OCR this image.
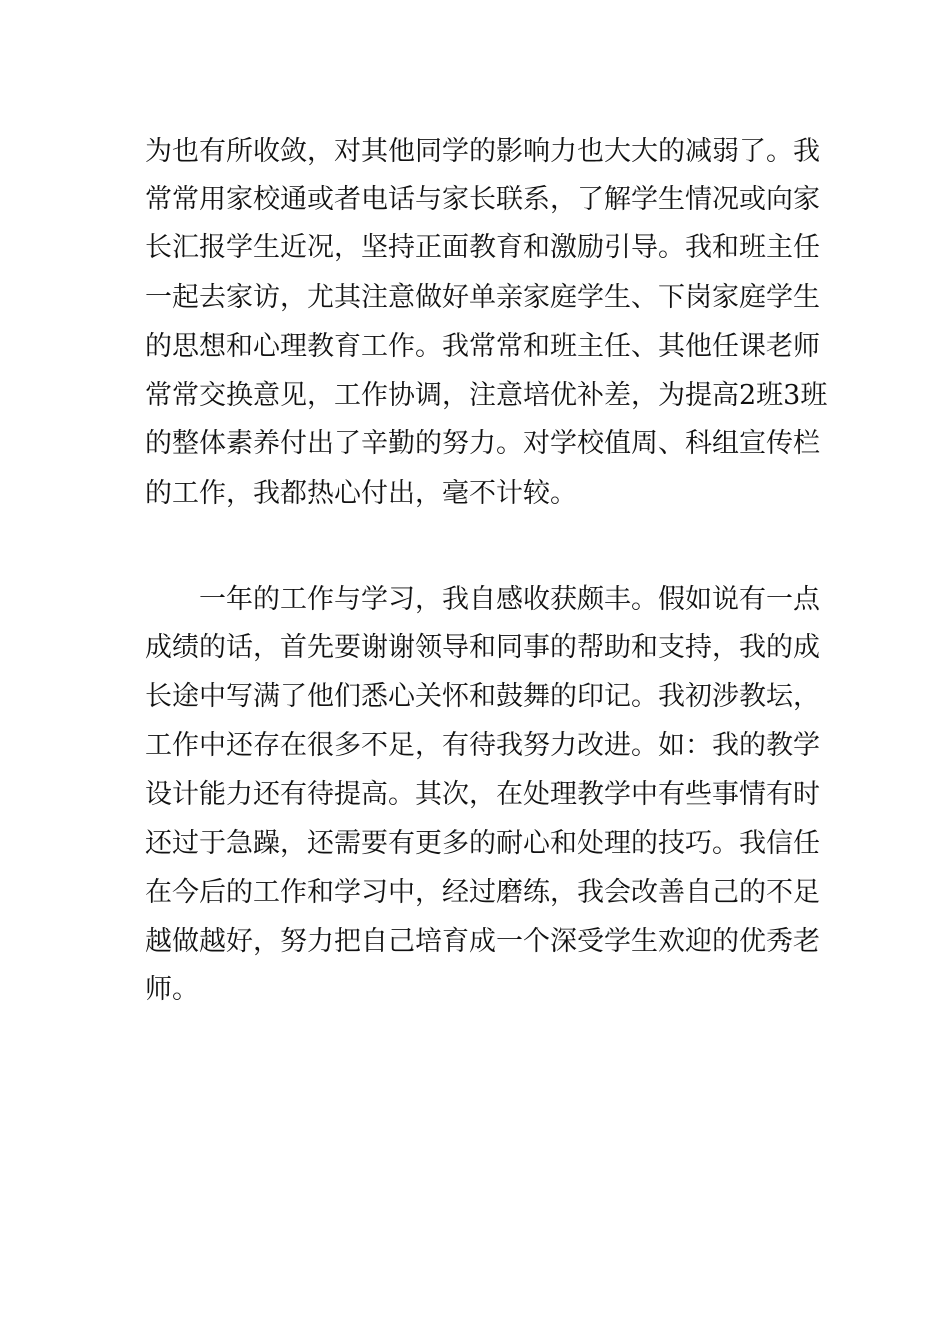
为也有所收敛，对其他同学的影响力也大大的减弱了。我
常常用家校通或者电话与家长联系，了解学生情况或向家
长汇报学生近况，坚持正面教育和激励引导。我和班主任
一起去家访，尤其注意做好单亲家庭学生、下岗家庭学生
的思想和心理教育工作。我常常和班主任、其他任课老师
常常交换意见，工作协调，注意培优补差，为提高2班3班
的整体素养付出了辛勤的努力。对学校值周、科组宣传栏
的工作，我都热心付出，毫不计较。
一年的工作与学习，我自感收获颇丰。假如说有一点
成绩的话，首先要谢谢领导和同事的帮助和支持，我的成
长途中写满了他们悉心关怀和鼓舞的印记。我初涉教坛，
工作中还存在很多不足，有待我努力改进。如：我的教学
设计能力还有待提高。其次，在处理教学中有些事情有时
还过于急躁，还需要有更多的耐心和处理的技巧。我信任
在今后的工作和学习中，经过磨练，我会改善自己的不足
越做越好，努力把自己培育成一个深受学生欢迎的优秀老
师。
